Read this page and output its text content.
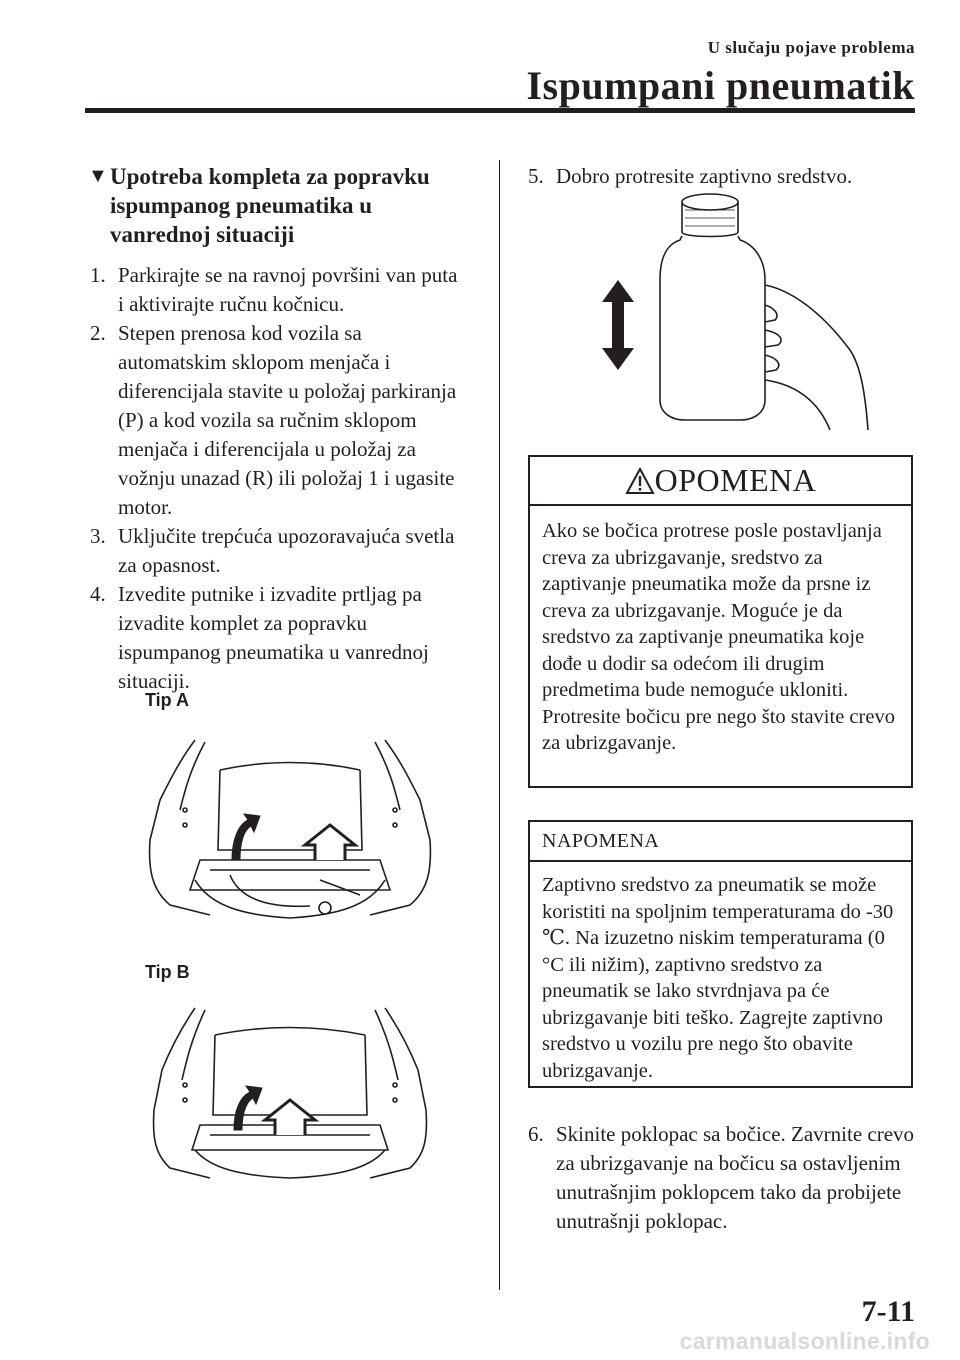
U slučaju pojave problema
Ispumpani pneumatik
▼ Upotreba kompleta za popravku ispumpanog pneumatika u vanrednoj situaciji
1. Parkirajte se na ravnoj površini van puta i aktivirajte ručnu kočnicu.
2. Stepen prenosa kod vozila sa automatskim sklopom menjača i diferencijala stavite u položaj parkiranja (P) a kod vozila sa ručnim sklopom menjača i diferencijala u položaj za vožnju unazad (R) ili položaj 1 i ugasite motor.
3. Uključite trepćuća upozoravajuća svetla za opasnost.
4. Izvedite putnike i izvadite prtljag pa izvadite komplet za popravku ispumpanog pneumatika u vanrednoj situaciji.
Tip A
Tip B
5. Dobro protresite zaptivno sredstvo.
OPOMENA
Ako se bočica protrese posle postavljanja creva za ubrizgavanje, sredstvo za zaptivanje pneumatika može da prsne iz creva za ubrizgavanje. Moguće je da sredstvo za zaptivanje pneumatika koje dođe u dodir sa odećom ili drugim predmetima bude nemoguće ukloniti. Protresite bočicu pre nego što stavite crevo za ubrizgavanje.
NAPOMENA
Zaptivno sredstvo za pneumatik se može koristiti na spoljnim temperaturama do -30 ℃. Na izuzetno niskim temperaturama (0 °C ili nižim), zaptivno sredstvo za pneumatik se lako stvrdnjava pa će ubrizgavanje biti teško. Zagrejte zaptivno sredstvo u vozilu pre nego što obavite ubrizgavanje.
6. Skinite poklopac sa bočice. Zavrnite crevo za ubrizgavanje na bočicu sa ostavljenim unutrašnjim poklopcem tako da probijete unutrašnji poklopac.
7-11
carmanualsonline.info
